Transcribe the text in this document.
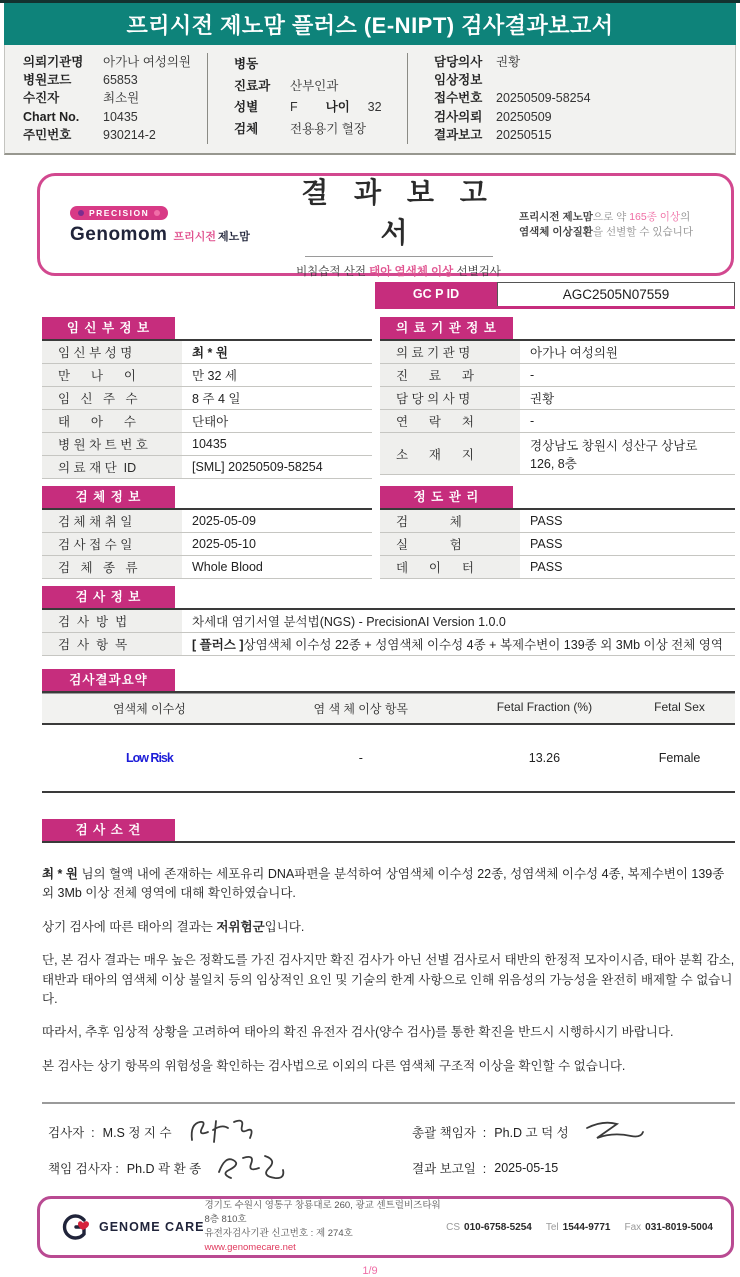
프리시전 제노맘 플러스 (E-NIPT) 검사결과보고서
의뢰기관명	아가나 여성의원
병원코드	65853
수진자	최소원
Chart No.	10435
주민번호	930214-2
병동
진료과	산부인과
성별	F 나이	32
검체	전용용기 혈장
담당의사	권황
임상정보
접수번호	20250509-58254
검사의뢰	20250509
결과보고	20250515
PRECISION
Genomom 프리시전 제노맘
결 과 보 고 서
비침습적 산전 태아 염색체 이상 선별검사
프리시전 제노맘으로 약 165종 이상의
염색체 이상질환을 선별할 수 있습니다
GC P ID	AGC2505N07559
임 신 부 정 보
임 신 부 성 명	최 * 원
만      나      이	만 32 세
임   신   주   수	8 주 4 일
태      아      수	단태아
병 원 차 트 번 호	10435
의 료 재 단  ID	[SML] 20250509-58254
의 료 기 관 정 보
의 료 기 관 명	아가나 여성의원
진      료      과	-
담 당 의 사 명	권황
연      락      처	-
소      재      지
경상남도 창원시 성산구 상남로 126, 8층
검 체 정 보
검 체 채 취 일	2025-05-09
검 사 접 수 일	2025-05-10
검   체   종   류	Whole Blood
정 도 관 리
검            체	PASS
실            험	PASS
데      이      터	PASS
검 사 정 보
검  사  방  법	차세대 염기서열 분석법(NGS) - PrecisionAI Version 1.0.0
검  사  항  목	[ 플러스 ] 상염색체 이수성 22종 + 성염색체 이수성 4종 + 복제수변이 139종 외 3Mb 이상 전체 영역
검사결과요약
염색체 이수성	염 색 체 이상 항목	Fetal Fraction (%)	Fetal Sex
Low Risk	-	13.26	Female
검 사 소 견

최 * 원 님의 혈액 내에 존재하는 세포유리 DNA파편을 분석하여 상염색체 이수성 22종, 성염색체 이수성 4종, 복제수변이 139종 외 3Mb 이상 전체 영역에 대해 확인하였습니다.

상기 검사에 따른 태아의 결과는 저위험군입니다.

단, 본 검사 결과는 매우 높은 정확도를 가진 검사지만 확진 검사가 아닌 선별 검사로서 태반의 한정적 모자이시즘, 태아 분획 감소, 태반과 태아의 염색체 이상 불일치 등의 임상적인 요인 및 기술의 한계 사항으로 인해 위음성의 가능성을 완전히 배제할 수 없습니다.

따라서, 추후 임상적 상황을 고려하여 태아의 확진 유전자 검사(양수 검사)를 통한 확진을 반드시 시행하시기 바랍니다.

본 검사는 상기 항목의 위험성을 확인하는 검사법으로 이외의 다른 염색체 구조적 이상을 확인할 수 없습니다.

검사자  : M.S 정 지 수
책임 검사자 : Ph.D 곽 환 종
총괄 책임자  : Ph.D 고 덕 성
결과 보고일  : 2025-05-15
GENOME CARE
경기도 수원시 영통구 창룡대로 260, 광교 센트럴비즈타워 8층 810호
유전자검사기관 신고번호 : 제 274호
www.genomecare.net
CS 010-6758-5254 Tel 1544-9771 Fax 031-8019-5004
1/9
